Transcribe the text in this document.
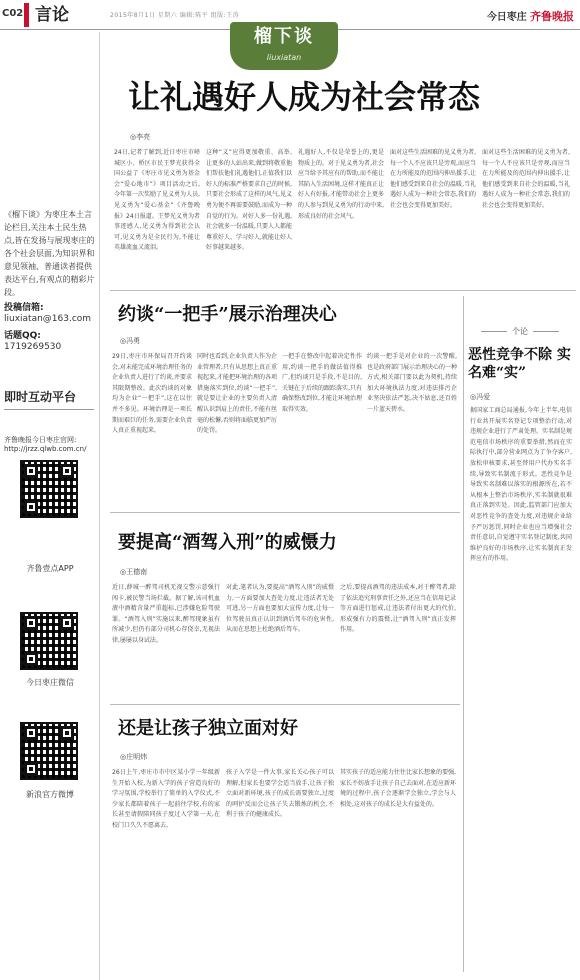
C02 言论	2015年8月1日 星期六 编辑:陈平 组版:王涛	今日枣庄 齐鲁晚报
榴下谈
liuxiatan
《榴下谈》为枣庄本土言论栏目,关注本土民生热点,皆在发扬与展现枣庄的各个社会层面,为知识界和意见领袖、普通读者提供表达平台,有观点的精彩片段。
投稿信箱:
liuxiatan@163.com
话题QQ:
1719269530
即时互动平台
齐鲁晚报今日枣庄官网:
http://jrzz.qlwb.com.cn/
齐鲁壹点APP
今日枣庄微信
新浪官方微博
让礼遇好人成为社会常态
◎李亮
24日,记者了解到,近日枣庄市峄城区小、桥区市民王梦光获得全国公益了《枣庄市见义勇为基金会“爱心地市”》项目活动之后,今年第一次奖励了见义勇为人员,见义勇为“爱心基金”《齐鲁晚报》24日报道。王梦光义勇为者事迹感人,见义勇为得到社会认可,见义勇为是全民行为,不能让英雄流血又流泪。
这种“义”应得更加敬重、高举,让更多的人站出来,做到将敬重他们帮扶他们礼遇他们,正值我们以好人的标准严格要求自己的时候,只要社会形成了这样的风气,见义勇为便不再需要鼓励,而成为一种自觉的行为。对好人多一份礼遇,社会就多一份温暖,只要人人都能尊重好人、学习好人,就能让好人好事越来越多。
礼遇好人,不仅是荣誉上的,更是物质上的。对于见义勇为者,社会应当给予其应有的帮助,而不能让其陷入生活困境,这样才能真正让好人有好报,才能带动社会上更多的人参与到见义勇为的行动中来,形成良好的社会风气。
面对这些生活困难的见义勇为者,每一个人不应该只是旁观,而应当在力所能及的范围内伸出援手,让他们感受到来自社会的温暖,当礼遇好人成为一种社会常态,我们的社会也会变得更加美好。
面对这些生活困难的见义勇为者,每一个人不应该只是旁观,而应当在力所能及的范围内伸出援手,让他们感受到来自社会的温暖,当礼遇好人成为一种社会常态,我们的社会也会变得更加美好。
约谈“一把手”展示治理决心
◎冯勇
29日,枣庄市环保局召开约谈会,对未能完成环境治理任务的企业负责人进行了约谈,并要求其限期整改。此次约谈的对象均为企业“一把手”,这在以往并不多见。环境治理是一项长期而艰巨的任务,需要企业负责人真正重视起来。
同时也看到,企业负责人作为企业管理者,只有从思想上真正重视起来,才能把环境治理的各项措施落实到位,约谈“一把手”,就是要让企业的主要负责人清醒认识到肩上的责任,不能有丝毫的松懈,否则将面临更加严厉的处罚。
一把手在整改中起着决定性作用,约谈一把手的做法值得推广,但约谈只是手段,不是目的,关键在于后续的跟踪落实,只有确保整改到位,才能让环境治理取得实效。
约谈一把手是对企业的一次警醒,也是政府部门展示治理决心的一种方式,相关部门要以此为契机,持续加大环境执法力度,对违法排污企业坚决依法严惩,决不姑息,还百姓一片蓝天碧水。
要提高“酒驾入刑”的威慑力
◎王德南
近日,薛城一醉驾司机无视交警示意强行闯卡,被民警当场拦截。据了解,该司机血液中酒精含量严重超标,已涉嫌危险驾驶罪。“酒驾入刑”实施以来,醉驾现象虽有所减少,但仍有部分司机心存侥幸,无视法律,屡屡以身试法。
对此,笔者认为,要提高“酒驾入刑”的威慑力,一方面要加大查处力度,让违法者无处可逃,另一方面也要加大宣传力度,让每一位驾驶员真正认识到酒后驾车的危害性,从而在思想上杜绝酒后驾车。
之后,要提高酒驾的违法成本,对于醉驾者,除了依法追究刑事责任之外,还应当在信用记录等方面进行惩戒,让违法者付出更大的代价,形成强有力的震慑,让“酒驾入刑”真正发挥作用。
还是让孩子独立面对好
◎庄明炜
26日上午,枣庄市市中区某小学一年级新生开始入校,为新入学的孩子营造良好的学习氛围,学校举行了简单的入学仪式,不少家长都陪着孩子一起前往学校,有的家长甚至请假陪同孩子度过入学第一天,在校门口久久不愿离去。
孩子入学是一件大事,家长关心孩子可以理解,但家长也要学会适当放手,让孩子独立面对新环境,孩子的成长需要独立,过度的呵护反而会让孩子失去锻炼的机会,不利于孩子的健康成长。
其实孩子的适应能力往往比家长想象的要强,家长不妨放手让孩子自己去面对,在适应新环境的过程中,孩子会逐渐学会独立,学会与人相处,这对孩子的成长是大有益处的。
个论
恶性竞争不除 实名难“实”
◎冯爱
据国家工商总局通报,今年上半年,电信行业共开展实名登记专项整治行动,对违规企业进行了严肃处理。实名制是规范电信市场秩序的重要举措,然而在实际执行中,部分营业网点为了争夺客户,放松审核要求,甚至替用户代办实名手续,导致实名制流于形式。恶性竞争是导致实名制难以落实的根源所在,若不从根本上整治市场秩序,实名制就很难真正落到实处。因此,监管部门应加大对恶性竞争的查处力度,对违规企业给予严厉惩罚,同时企业也应当增强社会责任意识,自觉遵守实名登记制度,共同维护良好的市场秩序,让实名制真正发挥应有的作用。
